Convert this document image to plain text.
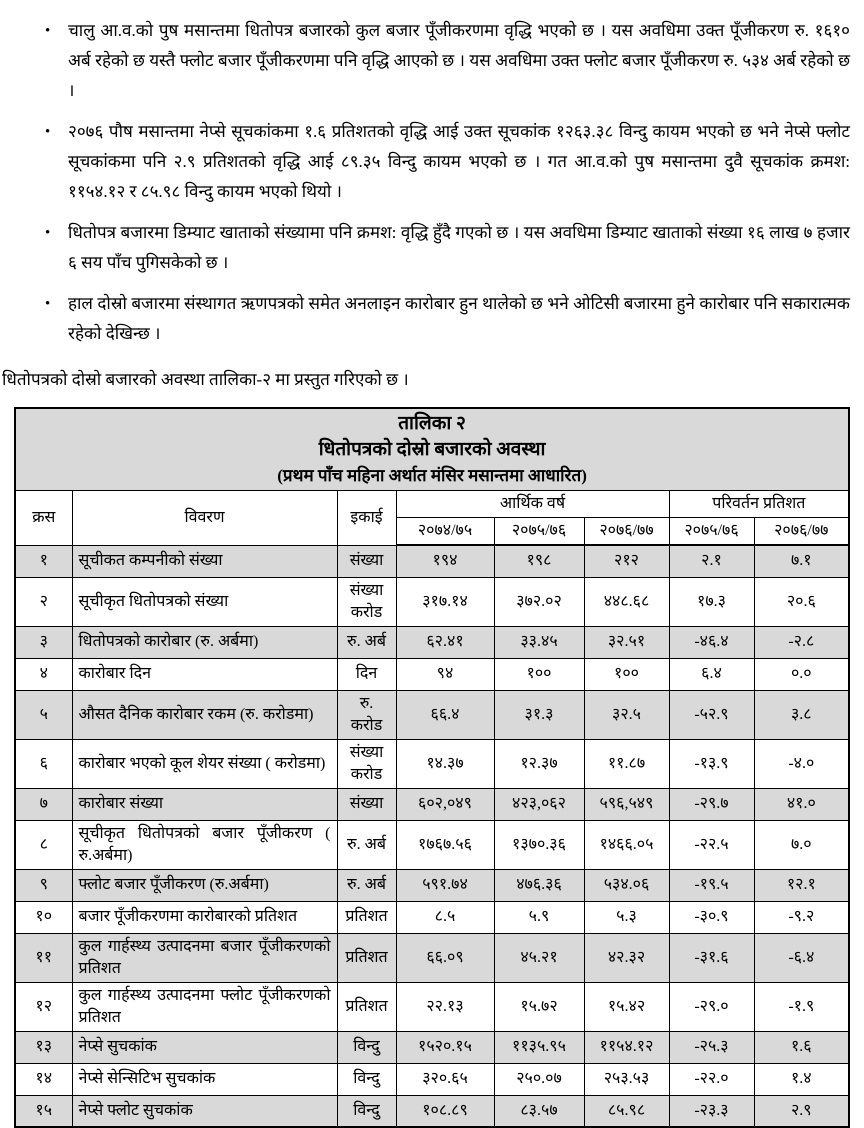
• चालु आ.व.को पुष मसान्तमा धितोपत्र बजारको कुल बजार पूँजीकरणमा वृद्धि भएको छ । यस अवधिमा उक्त पूँजीकरण रु. १६१० अर्ब रहेको छ यस्तै फ्लोट बजार पूँजीकरणमा पनि वृद्धि आएको छ । यस अवधिमा उक्त फ्लोट बजार पूँजीकरण रु. ५३४ अर्ब रहेको छ ।
• २०७६ पौष मसान्तमा नेप्से सूचकांकमा १.६ प्रतिशतको वृद्धि आई उक्त सूचकांक १२६३.३८ विन्दु कायम भएको छ भने नेप्से फ्लोट सूचकांकमा पनि २.९ प्रतिशतको वृद्धि आई ८९.३५ विन्दु कायम भएको छ । गत आ.व.को पुष मसान्तमा दुवै सूचकांक क्रमश: ११५४.१२ र ८५.९८ विन्दु कायम भएको थियो ।
• धितोपत्र बजारमा डिम्याट खाताको संख्यामा पनि क्रमश: वृद्धि हुँदै गएको छ । यस अवधिमा डिम्याट खाताको संख्या १६ लाख ७ हजार ६ सय पाँच पुगिसकेको छ ।
• हाल दोस्रो बजारमा संस्थागत ऋणपत्रको समेत अनलाइन कारोबार हुन थालेको छ भने ओटिसी बजारमा हुने कारोबार पनि सकारात्मक रहेको देखिन्छ ।

धितोपत्रको दोस्रो बजारको अवस्था तालिका-२ मा प्रस्तुत गरिएको छ ।

तालिका २
धितोपत्रको दोस्रो बजारको अवस्था
(प्रथम पाँच महिना अर्थात मंसिर मसान्तमा आधारित)							

क्रस	विवरण	इकाई	आर्थिक वर्ष			परिवर्तन प्रतिशत	
			२०७४/७५	२०७५/७६	२०७६/७७	२०७५/७६	२०७६/७७
१	सूचीकत कम्पनीको संख्या	संख्या	१९४	१९८	२१२	२.१	७.१
२	सूचीकृत धितोपत्रको संख्या	संख्या करोड	३१७.१४	३७२.०२	४४८.६८	१७.३	२०.६
३	धितोपत्रको कारोबार (रु. अर्बमा)	रु. अर्ब	६२.४१	३३.४५	३२.५१	-४६.४	-२.८
४	कारोबार दिन	दिन	९४	१००	१००	६.४	०.०
५	औसत दैनिक कारोबार रकम (रु. करोडमा)	रु. करोड	६६.४	३१.३	३२.५	-५२.९	३.८
६	कारोबार भएको कूल शेयर संख्या ( करोडमा)	संख्या करोड	१४.३७	१२.३७	११.८७	-१३.९	-४.०
७	कारोबार संख्या	संख्या	६०२,०४९	४२३,०६२	५९६,५४९	-२९.७	४१.०
८	सूचीकृत धितोपत्रको बजार पूँजीकरण ( रु.अर्बमा)	रु. अर्ब	१७६७.५६	१३७०.३६	१४६६.०५	-२२.५	७.०
९	फ्लोट बजार पूँजीकरण (रु.अर्बमा)	रु. अर्ब	५९१.७४	४७६.३६	५३४.०६	-१९.५	१२.१
१०	बजार पूँजीकरणमा कारोबारको प्रतिशत	प्रतिशत	८.५	५.९	५.३	-३०.९	-९.२
११	कुल गार्हस्थ्य उत्पादनमा बजार पूँजीकरणको प्रतिशत	प्रतिशत	६६.०९	४५.२१	४२.३२	-३१.६	-६.४
१२	कुल गार्हस्थ्य उत्पादनमा फ्लोट पूँजीकरणको प्रतिशत	प्रतिशत	२२.१३	१५.७२	१५.४२	-२९.०	-१.९
१३	नेप्से सुचकांक	विन्दु	१५२०.१५	११३५.९५	११५४.१२	-२५.३	१.६
१४	नेप्से सेन्सिटिभ सुचकांक	विन्दु	३२०.६५	२५०.०७	२५३.५३	-२२.०	१.४
१५	नेप्से फ्लोट सुचकांक	विन्दु	१०८.८९	८३.५७	८५.९८	-२३.३	२.९
